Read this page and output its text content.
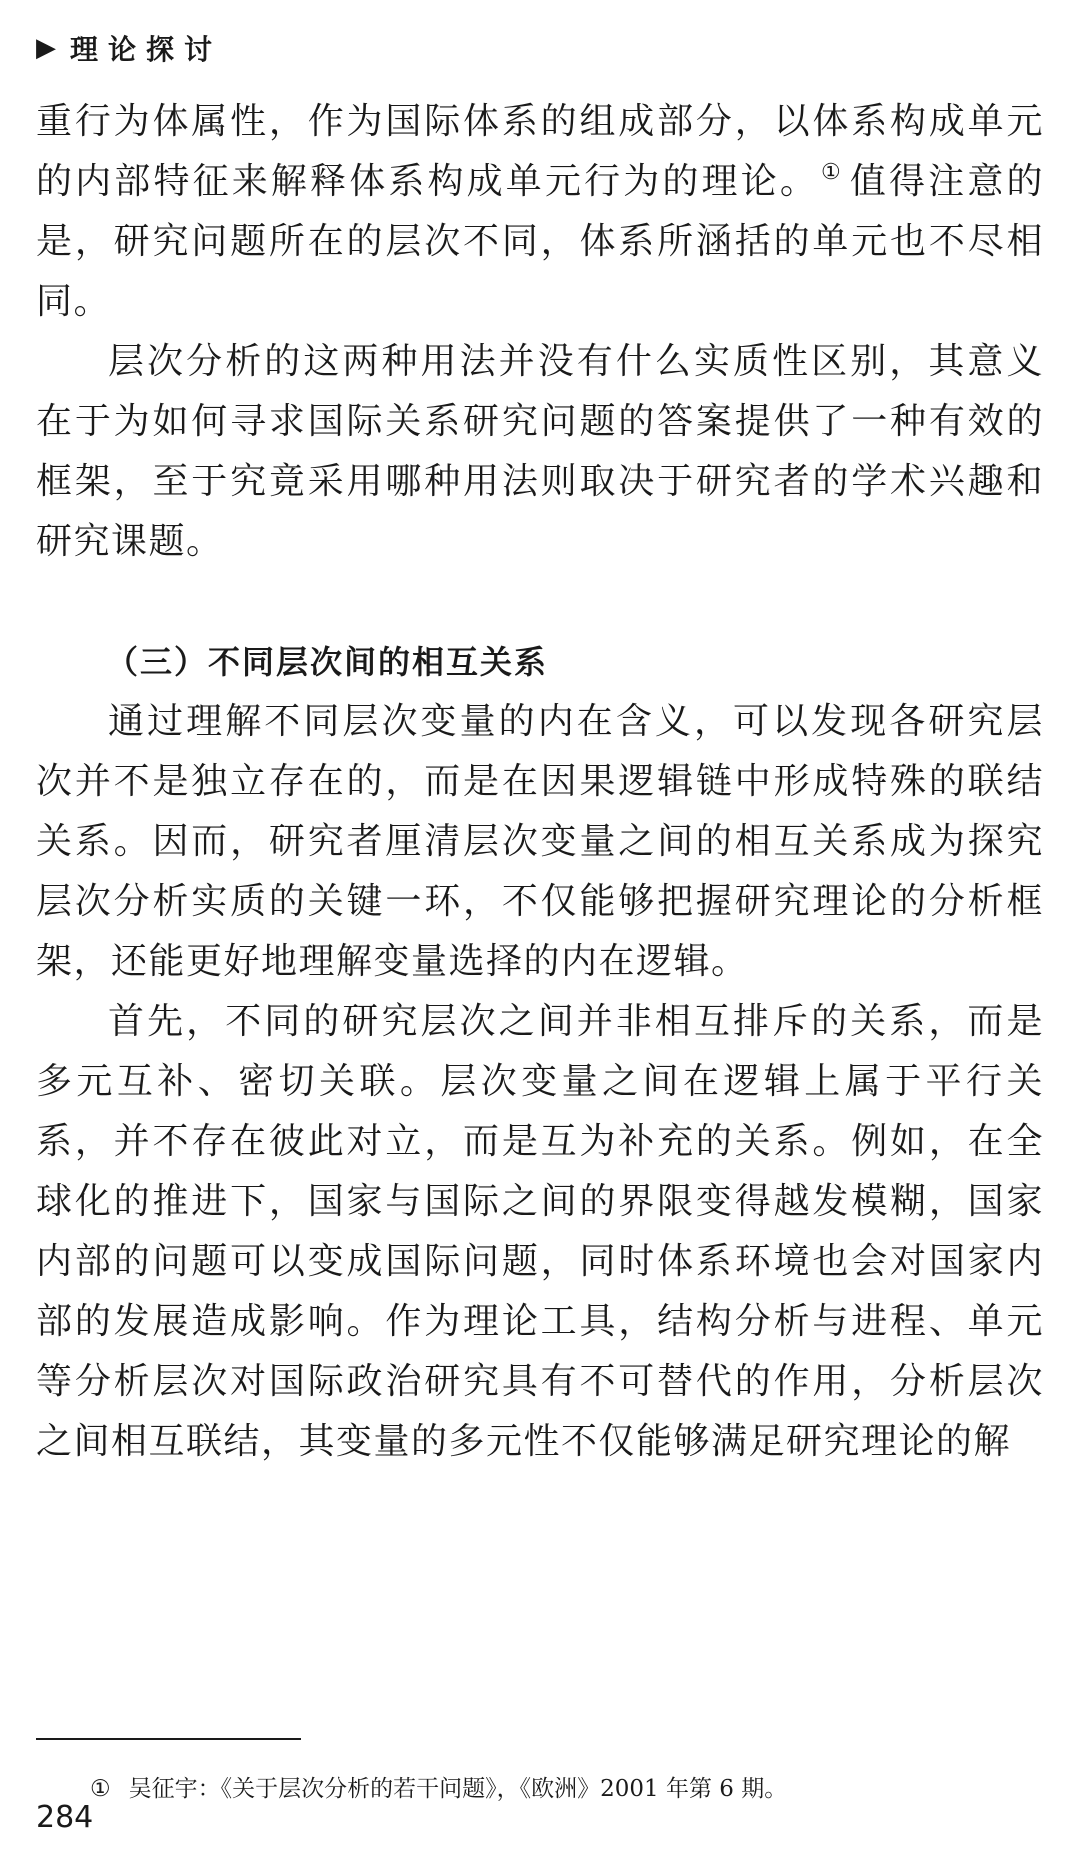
▶ 理论探讨

重行为体属性，作为国际体系的组成部分，以体系构成单元的内部特征来解释体系构成单元行为的理论。① 值得注意的是，研究问题所在的层次不同，体系所涵括的单元也不尽相同。

层次分析的这两种用法并没有什么实质性区别，其意义在于为如何寻求国际关系研究问题的答案提供了一种有效的框架，至于究竟采用哪种用法则取决于研究者的学术兴趣和研究课题。

（三）不同层次间的相互关系

通过理解不同层次变量的内在含义，可以发现各研究层次并不是独立存在的，而是在因果逻辑链中形成特殊的联结关系。因而，研究者厘清层次变量之间的相互关系成为探究层次分析实质的关键一环，不仅能够把握研究理论的分析框架，还能更好地理解变量选择的内在逻辑。

首先，不同的研究层次之间并非相互排斥的关系，而是多元互补、密切关联。层次变量之间在逻辑上属于平行关系，并不存在彼此对立，而是互为补充的关系。例如，在全球化的推进下，国家与国际之间的界限变得越发模糊，国家内部的问题可以变成国际问题，同时体系环境也会对国家内部的发展造成影响。作为理论工具，结构分析与进程、单元等分析层次对国际政治研究具有不可替代的作用，分析层次之间相互联结，其变量的多元性不仅能够满足研究理论的解

① 吴征宇：《关于层次分析的若干问题》，《欧洲》2001 年第 6 期。
284
